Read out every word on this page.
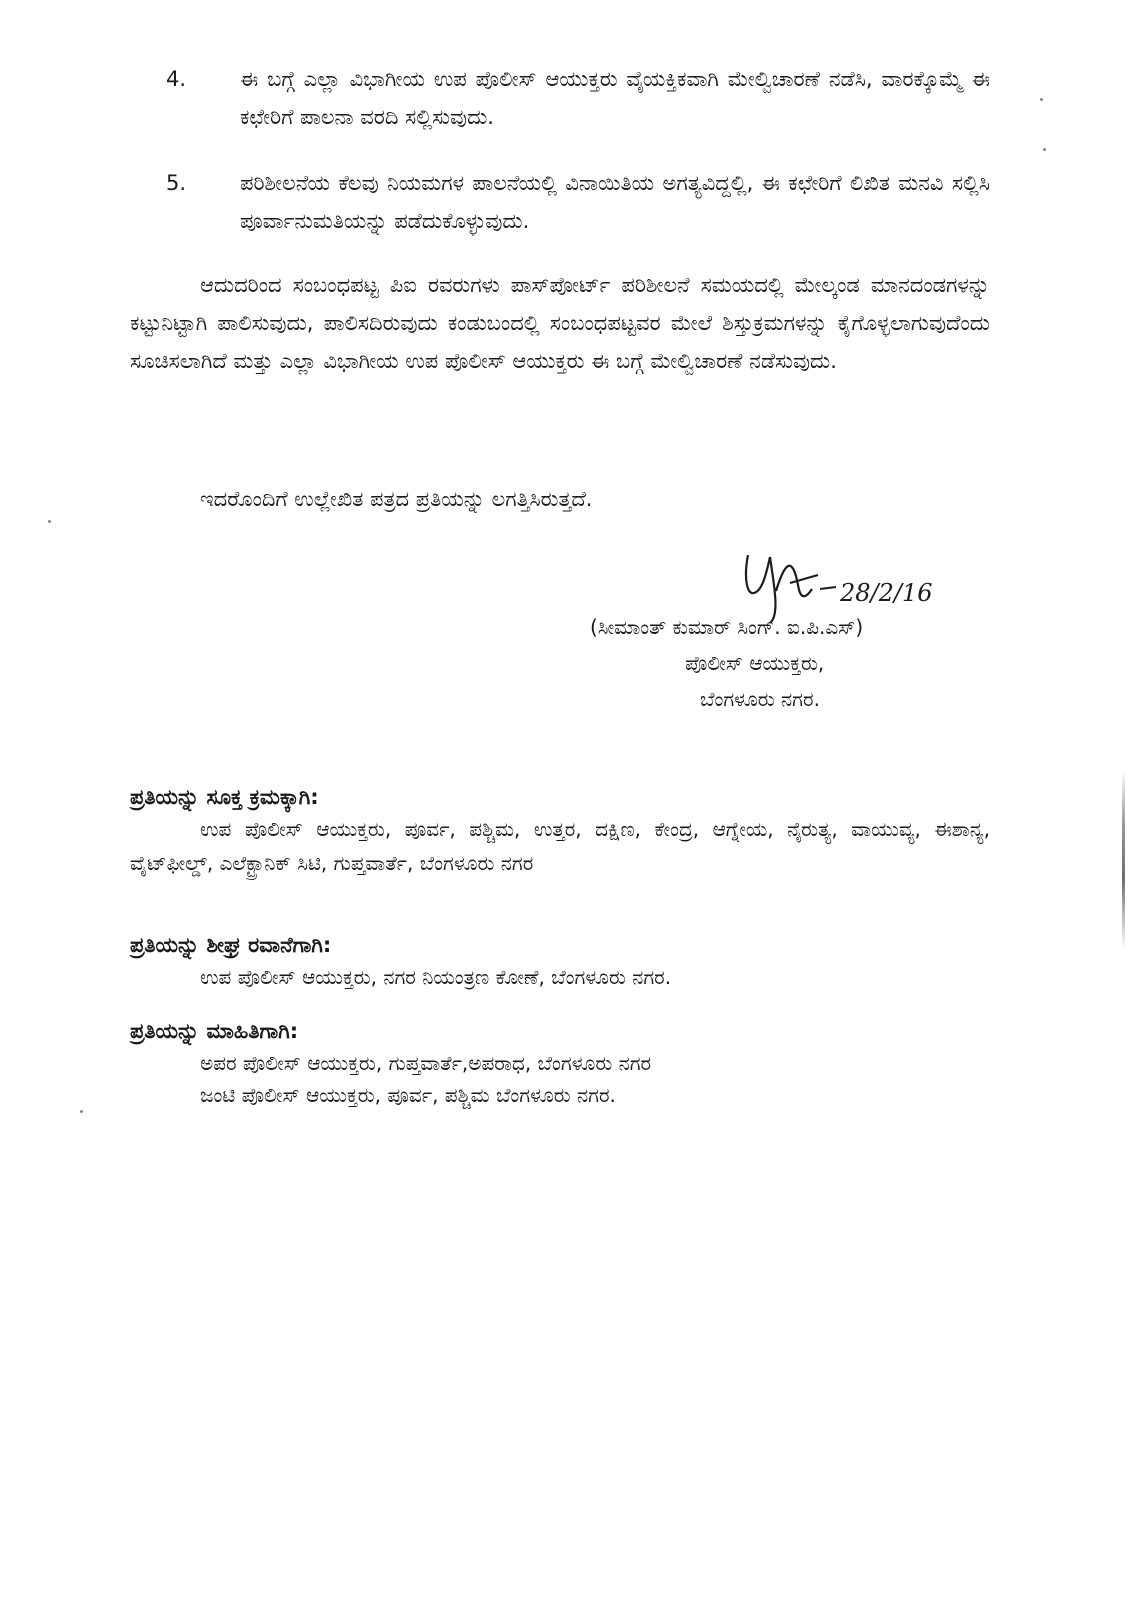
4.	ಈ ಬಗ್ಗೆ ಎಲ್ಲಾ ವಿಭಾಗೀಯ ಉಪ ಪೊಲೀಸ್ ಆಯುಕ್ತರು ವೈಯಕ್ತಿಕವಾಗಿ ಮೇಲ್ವಿಚಾರಣೆ ನಡೆಸಿ, ವಾರಕ್ಕೊಮ್ಮೆ ಈ ಕಛೇರಿಗೆ ಪಾಲನಾ ವರದಿ ಸಲ್ಲಿಸುವುದು.
5.	ಪರಿಶೀಲನೆಯ ಕೆಲವು ನಿಯಮಗಳ ಪಾಲನೆಯಲ್ಲಿ ವಿನಾಯಿತಿಯ ಅಗತ್ಯವಿದ್ದಲ್ಲಿ, ಈ ಕಛೇರಿಗೆ ಲಿಖಿತ ಮನವಿ ಸಲ್ಲಿಸಿ ಪೂರ್ವಾನುಮತಿಯನ್ನು ಪಡೆದುಕೊಳ್ಳುವುದು.
ಆದುದರಿಂದ ಸಂಬಂಧಪಟ್ಟ ಪಿಐ ರವರುಗಳು ಪಾಸ್‌ಪೋರ್ಟ್ ಪರಿಶೀಲನೆ ಸಮಯದಲ್ಲಿ ಮೇಲ್ಕಂಡ ಮಾನದಂಡಗಳನ್ನು ಕಟ್ಟುನಿಟ್ಟಾಗಿ ಪಾಲಿಸುವುದು, ಪಾಲಿಸದಿರುವುದು ಕಂಡುಬಂದಲ್ಲಿ ಸಂಬಂಧಪಟ್ಟವರ ಮೇಲೆ ಶಿಸ್ತುಕ್ರಮಗಳನ್ನು ಕೈಗೊಳ್ಳಲಾಗುವುದೆಂದು ಸೂಚಿಸಲಾಗಿದೆ ಮತ್ತು ಎಲ್ಲಾ ವಿಭಾಗೀಯ ಉಪ ಪೊಲೀಸ್ ಆಯುಕ್ತರು ಈ ಬಗ್ಗೆ ಮೇಲ್ವಿಚಾರಣೆ ನಡೆಸುವುದು.
ಇದರೊಂದಿಗೆ ಉಲ್ಲೇಖಿತ ಪತ್ರದ ಪ್ರತಿಯನ್ನು ಲಗತ್ತಿಸಿರುತ್ತದೆ.
28/2/16
(ಸೀಮಾಂತ್ ಕುಮಾರ್ ಸಿಂಗ್. ಐ.ಪಿ.ಎಸ್)
ಪೊಲೀಸ್ ಆಯುಕ್ತರು,
ಬೆಂಗಳೂರು ನಗರ.
ಪ್ರತಿಯನ್ನು ಸೂಕ್ತ ಕ್ರಮಕ್ಕಾಗಿ:
ಉಪ ಪೊಲೀಸ್ ಆಯುಕ್ತರು, ಪೂರ್ವ, ಪಶ್ಚಿಮ, ಉತ್ತರ, ದಕ್ಷಿಣ, ಕೇಂದ್ರ, ಆಗ್ನೇಯ, ನೈರುತ್ಯ, ವಾಯುವ್ಯ, ಈಶಾನ್ಯ, ವೈಟ್‌ಫೀಲ್ಡ್, ಎಲೆಕ್ಟ್ರಾನಿಕ್ ಸಿಟಿ, ಗುಪ್ತವಾರ್ತೆ, ಬೆಂಗಳೂರು ನಗರ
ಪ್ರತಿಯನ್ನು ಶೀಘ್ರ ರವಾನೆಗಾಗಿ:
ಉಪ ಪೊಲೀಸ್ ಆಯುಕ್ತರು, ನಗರ ನಿಯಂತ್ರಣ ಕೋಣೆ, ಬೆಂಗಳೂರು ನಗರ.
ಪ್ರತಿಯನ್ನು ಮಾಹಿತಿಗಾಗಿ:
ಅಪರ ಪೊಲೀಸ್ ಆಯುಕ್ತರು, ಗುಪ್ತವಾರ್ತೆ,ಅಪರಾಧ, ಬೆಂಗಳೂರು ನಗರ
ಜಂಟಿ ಪೊಲೀಸ್ ಆಯುಕ್ತರು, ಪೂರ್ವ, ಪಶ್ಚಿಮ ಬೆಂಗಳೂರು ನಗರ.
